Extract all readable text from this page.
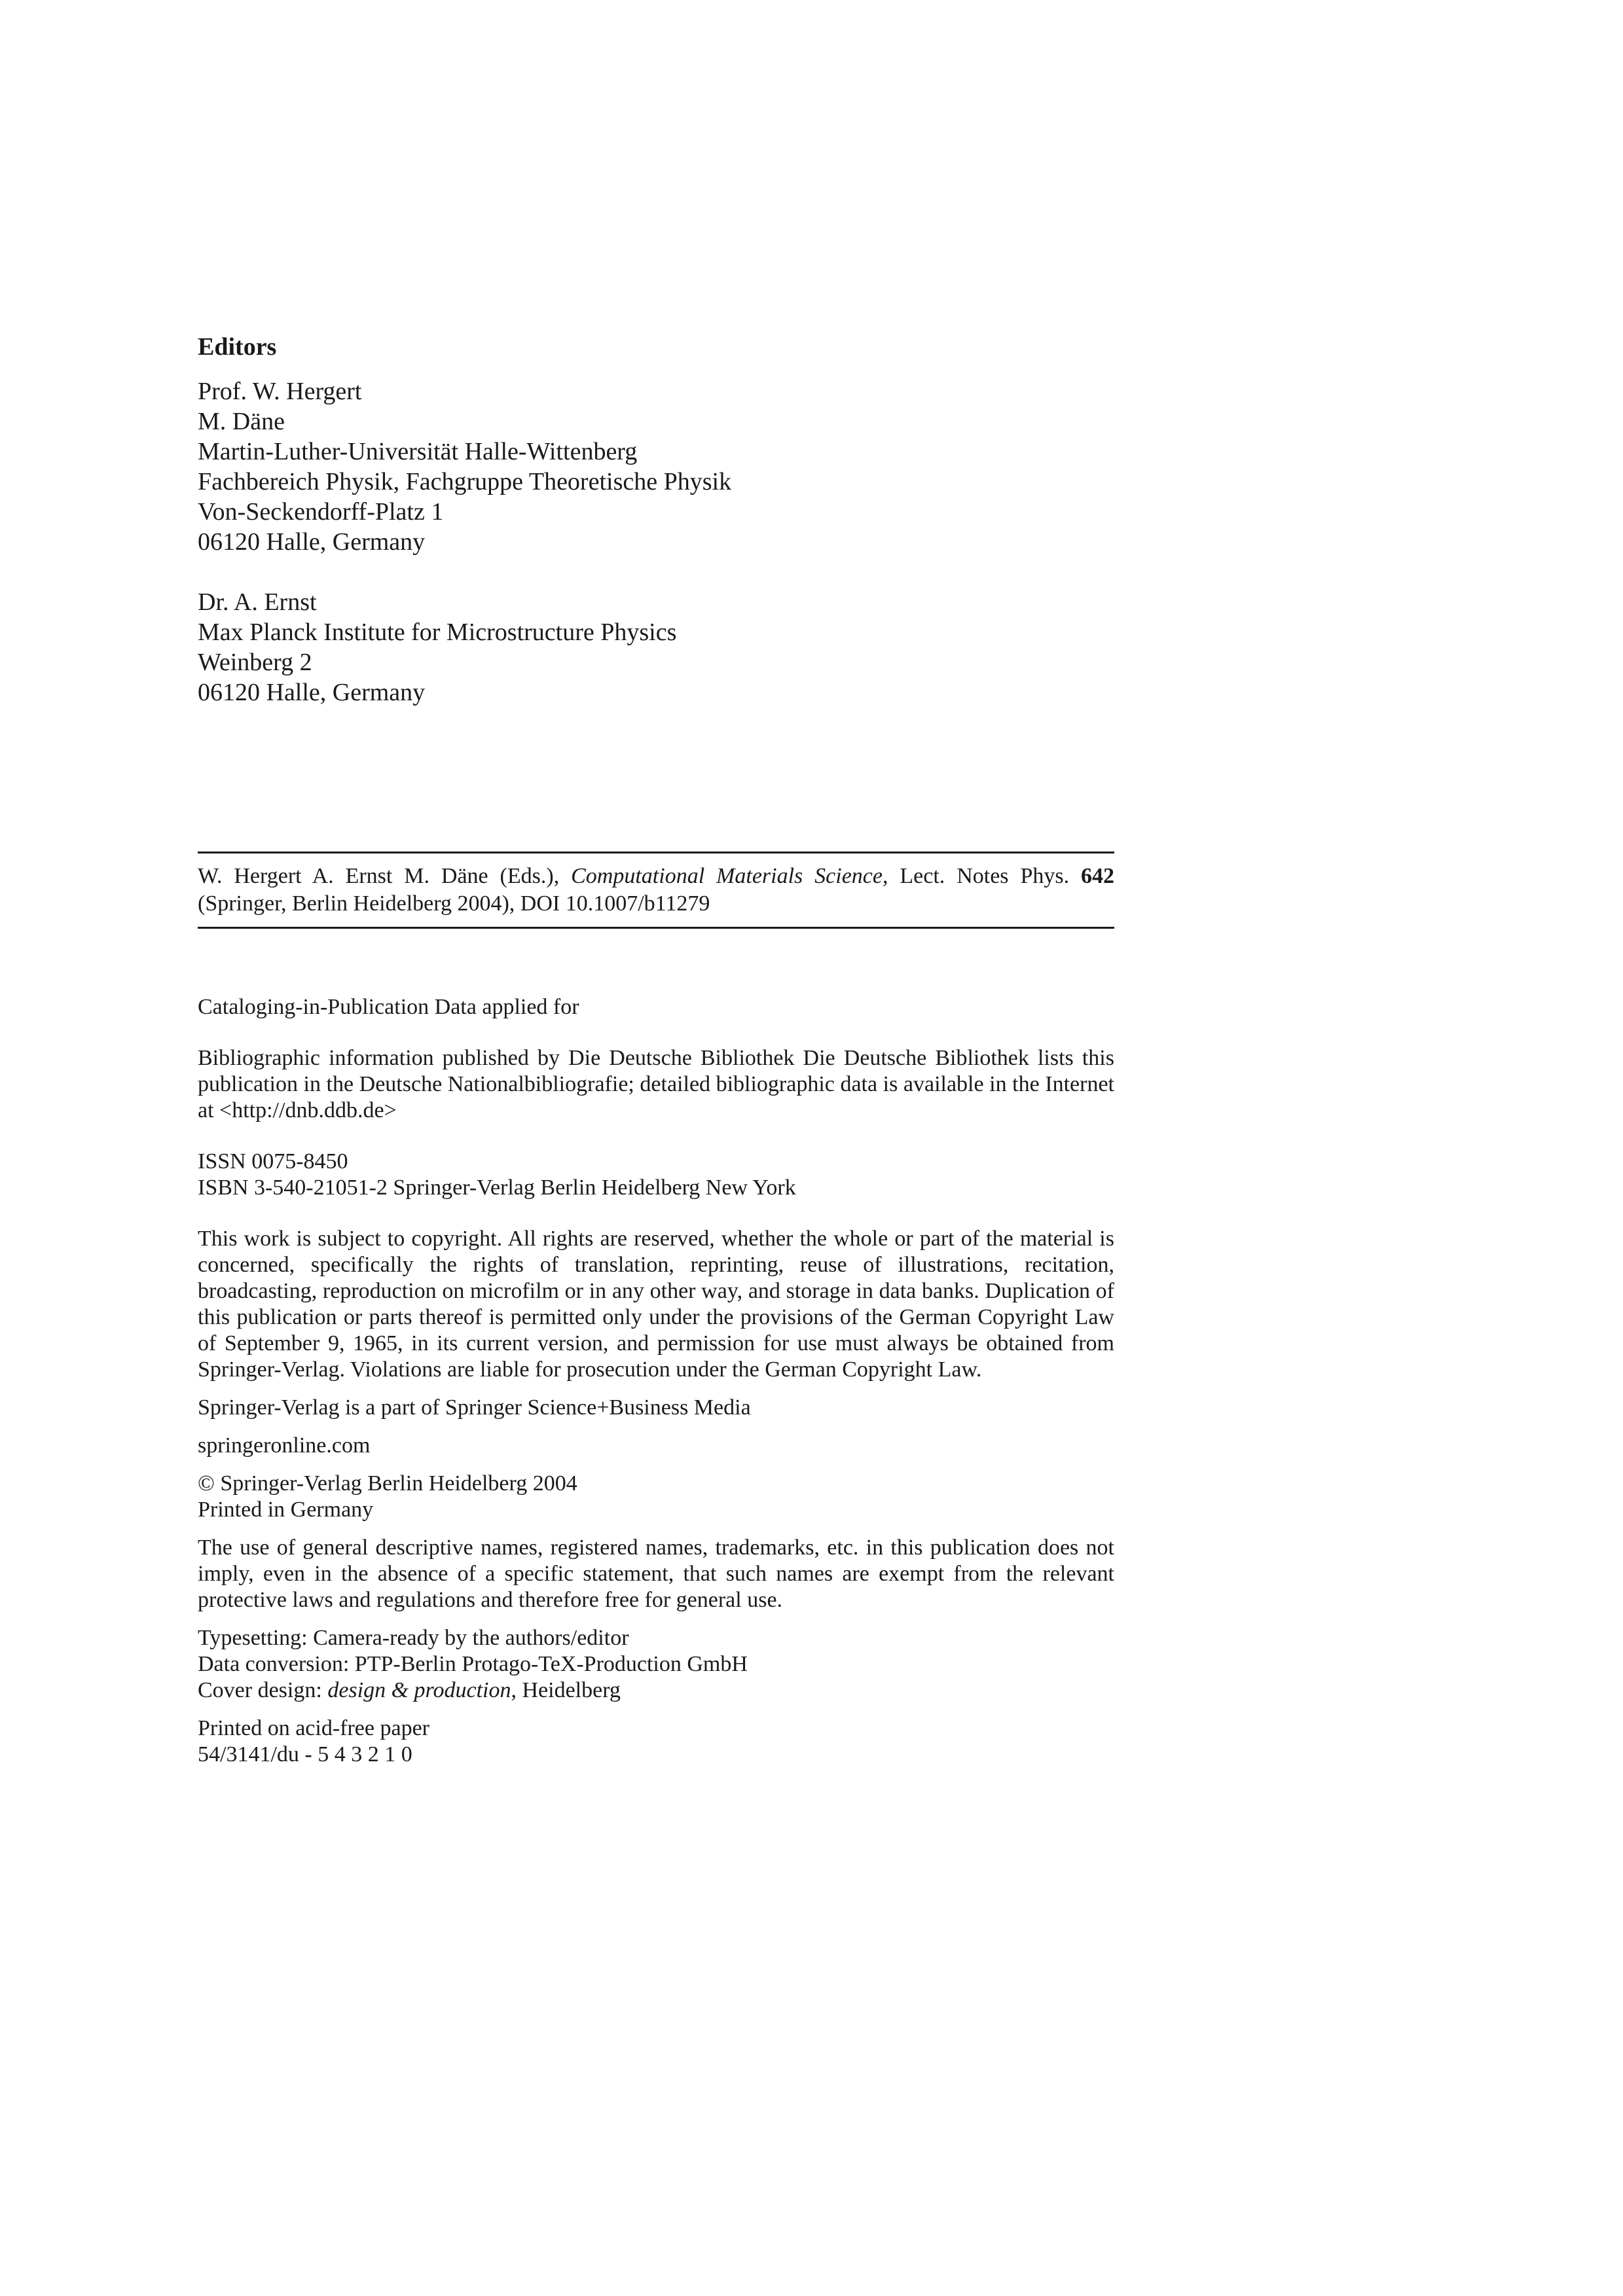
Editors
Prof. W. Hergert
M. Däne
Martin-Luther-Universität Halle-Wittenberg
Fachbereich Physik, Fachgruppe Theoretische Physik
Von-Seckendorff-Platz 1
06120 Halle, Germany
Dr. A. Ernst
Max Planck Institute for Microstructure Physics
Weinberg 2
06120 Halle, Germany
W. Hergert A. Ernst M. Däne (Eds.), Computational Materials Science, Lect. Notes Phys. 642 (Springer, Berlin Heidelberg 2004), DOI 10.1007/b11279

Cataloging-in-Publication Data applied for

Bibliographic information published by Die Deutsche Bibliothek Die Deutsche Bibliothek lists this publication in the Deutsche Nationalbibliografie; detailed bibliographic data is available in the Internet at <http://dnb.ddb.de>

ISSN 0075-8450
ISBN 3-540-21051-2 Springer-Verlag Berlin Heidelberg New York

This work is subject to copyright. All rights are reserved, whether the whole or part of the material is concerned, specifically the rights of translation, reprinting, reuse of illustrations, recitation, broadcasting, reproduction on microfilm or in any other way, and storage in data banks. Duplication of this publication or parts thereof is permitted only under the provisions of the German Copyright Law of September 9, 1965, in its current version, and permission for use must always be obtained from Springer-Verlag. Violations are liable for prosecution under the German Copyright Law.

Springer-Verlag is a part of Springer Science+Business Media

springeronline.com

© Springer-Verlag Berlin Heidelberg 2004
Printed in Germany

The use of general descriptive names, registered names, trademarks, etc. in this publication does not imply, even in the absence of a specific statement, that such names are exempt from the relevant protective laws and regulations and therefore free for general use.

Typesetting: Camera-ready by the authors/editor
Data conversion: PTP-Berlin Protago-TeX-Production GmbH
Cover design: design & production, Heidelberg
Printed on acid-free paper
54/3141/du - 5 4 3 2 1 0
